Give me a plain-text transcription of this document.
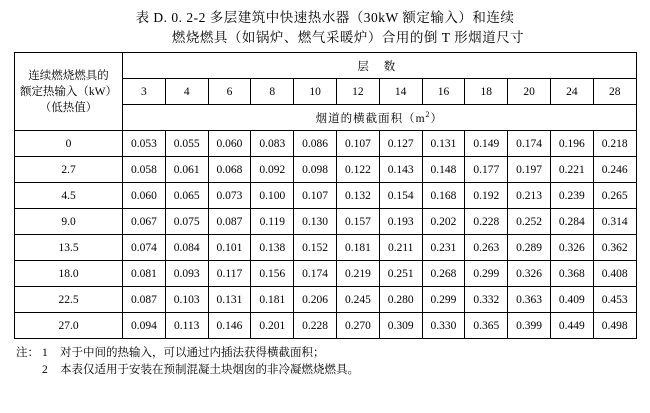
表 D. 0. 2-2 多层建筑中快速热水器（30kW 额定输入）和连续
燃烧燃具（如锅炉、燃气采暖炉）合用的倒 T 形烟道尺寸
连续燃烧燃具的
额定热输入（kW）
（低热值）	层 数											
	3	4	6	8	10	12	14	16	18	20	24	28
	烟道的横截面积$(m^2)$											
0	0.053	0.055	0.060	0.083	0.086	0.107	0.127	0.131	0.149	0.174	0.196	0.218
2.7	0.058	0.061	0.068	0.092	0.098	0.122	0.143	0.148	0.177	0.197	0.221	0.246
4.5	0.060	0.065	0.073	0.100	0.107	0.132	0.154	0.168	0.192	0.213	0.239	0.265
9.0	0.067	0.075	0.087	0.119	0.130	0.157	0.193	0.202	0.228	0.252	0.284	0.314
13.5	0.074	0.084	0.101	0.138	0.152	0.181	0.211	0.231	0.263	0.289	0.326	0.362
18.0	0.081	0.093	0.117	0.156	0.174	0.219	0.251	0.268	0.299	0.326	0.368	0.408
22.5	0.087	0.103	0.131	0.181	0.206	0.245	0.280	0.299	0.332	0.363	0.409	0.453
27.0	0.094	0.113	0.146	0.201	0.228	0.270	0.309	0.330	0.365	0.399	0.449	0.498
注： 1	对于中间的热输入，可以通过内插法获得横截面积；
2	本表仅适用于安装在预制混凝土块烟囱的非冷凝燃烧燃具。
